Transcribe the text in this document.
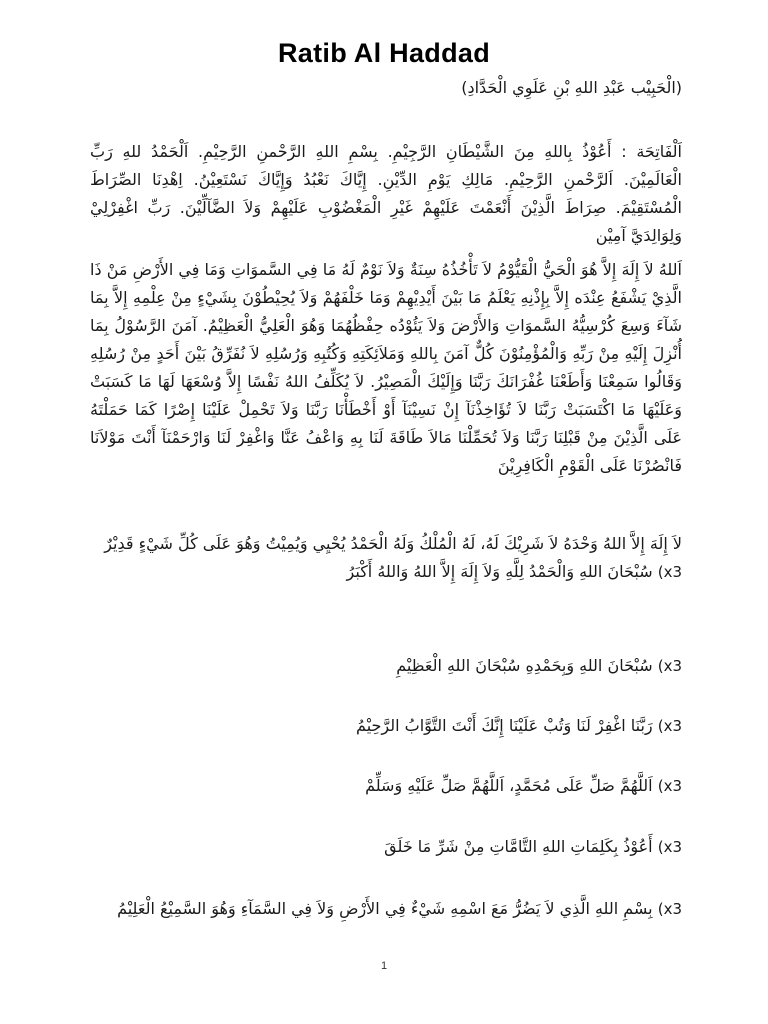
Ratib Al Haddad
(الْحَبِيْب عَبْدِ اللهِ بْنِ عَلَوِي الْحَدَّادِ)
اَلْفَاتِحَة : أَعُوْذُ بِاللهِ مِنَ الشَّيْطَانِ الرَّجِيْمِ. بِسْمِ اللهِ الرَّحْمنِ الرَّحِيْمِ. اَلْحَمْدُ للهِ رَبِّ الْعَالَمِيْنَ. اَلرَّحْمنِ الرَّحِيْمِ. مَالِكِ يَوْمِ الدِّيْنِ. إِيَّاكَ نَعْبُدُ وَإِيَّاكَ نَسْتَعِيْنُ. اِهْدِنَا الصِّرَاطَ الْمُسْتَقِيْمَ. صِرَاطَ الَّذِيْنَ أَنْعَمْتَ عَلَيْهِمْ غَيْرِ الْمَغْضُوْبِ عَلَيْهِمْ وَلاَ الضَّآلِّيْنَ. رَبِّ اغْفِرْلِيْ وَلِوَالِدَيَّ آمِيْن
اَللهُ لاَ إِلَهَ إِلاَّ هُوَ الْحَيُّ الْقَيُّوْمُ لاَ تَأْخُذُهُ سِنَةٌ وَلاَ نَوْمٌ لَهُ مَا فِي السَّموَاتِ وَمَا فِي الأَرْضِ مَنْ ذَا الَّذِيْ يَشْفَعُ عِنْدَه إِلاَّ بِإِذْنِهِ يَعْلَمُ مَا بَيْنَ أَيْدِيْهِمْ وَمَا خَلْفَهُمْ وَلاَ يُحِيْطُوْنَ بِشَيْءٍ مِنْ عِلْمِهِ إِلاَّ بِمَا شَآءَ وَسِعَ كُرْسِيُّهُ السَّموَاتِ وَالأَرْضَ وَلاَ يَئُوْدُه حِفْظُهُمَا وَهُوَ الْعَلِيُّ الْعَظِيْمُ. آمَنَ الرَّسُوْلُ بِمَا أُنْزِلَ إِلَيْهِ مِنْ رَبِّهِ وَالْمُؤْمِنُوْنَ كُلٌّ آمَنَ بِاللهِ وَمَلاَئِكَتِهِ وَكُتُبِهِ وَرُسُلِهِ لاَ نُفَرِّقُ بَيْنَ أَحَدٍ مِنْ رُسُلِهِ وَقَالُوا سَمِعْنَا وَأَطَعْنَا غُفْرَانَكَ رَبَّنَا وَإِلَيْكَ الْمَصِيْرُ. لاَ يُكَلِّفُ اللهُ نَفْسًا إِلاَّ وُسْعَهَا لَهَا مَا كَسَبَتْ وَعَلَيْهَا مَا اكْتَسَبَتْ رَبَّنَا لاَ تُؤَاخِذْنَآ إِنْ نَسِيْنَآ أَوْ أَخْطَأْنَا رَبَّنَا وَلاَ تَحْمِلْ عَلَيْنَا إِصْرًا كَمَا حَمَلْتَهُ عَلَى الَّذِيْنَ مِنْ قَبْلِنَا رَبَّنَا وَلاَ تُحَمِّلْنَا مَالاَ طَاقَةَ لَنَا بِهِ وَاعْفُ عَنَّا وَاغْفِرْ لَنَا وَارْحَمْنَآ أَنْتَ مَوْلاَنَا فَانْصُرْنَا عَلَى الْقَوْمِ الْكَافِرِيْنَ
لاَ إِلَهَ إِلاَّ اللهُ وَحْدَهُ لاَ شَرِيْكَ لَهُ، لَهُ الْمُلْكُ وَلَهُ الْحَمْدُ يُحْيِي وَيُمِيْتُ وَهُوَ عَلَى كُلِّ شَيْءٍ قَدِيْرٌ
(x3 سُبْحَانَ اللهِ وَالْحَمْدُ لِلَّهِ وَلاَ إِلَهَ إِلاَّ اللهُ وَاللهُ أَكْبَرُ
(x3 سُبْحَانَ اللهِ وَبِحَمْدِهِ سُبْحَانَ اللهِ الْعَظِيْمِ
(x3 رَبَّنَا اغْفِرْ لَنَا وَتُبْ عَلَيْنَا إِنَّكَ أَنْتَ التَّوَّابُ الرَّحِيْمُ
(x3 اَللَّهُمَّ صَلِّ عَلَى مُحَمَّدٍ، اَللَّهُمَّ صَلِّ عَلَيْهِ وَسَلِّمْ
(x3 أَعُوْذُ بِكَلِمَاتِ اللهِ التَّامَّاتِ مِنْ شَرِّ مَا خَلَقَ
(x3 بِسْمِ اللهِ الَّذِي لاَ يَضُرُّ مَعَ اسْمِهِ شَيْءٌ فِي الأَرْضِ وَلاَ فِي السَّمَآءِ وَهُوَ السَّمِيْعُ الْعَلِيْمُ
1
